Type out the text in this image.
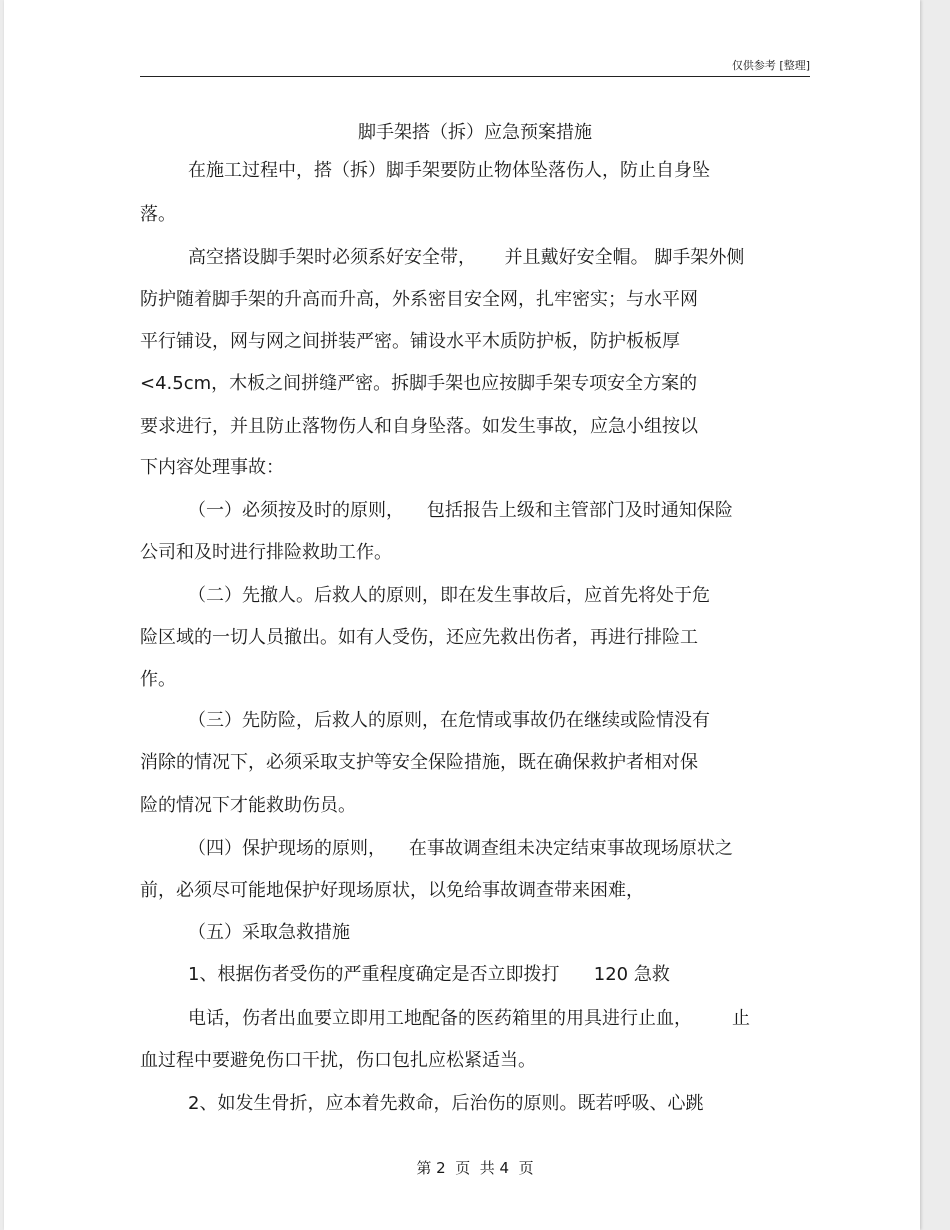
仅供参考 [整理]
脚手架搭（拆）应急预案措施
在施工过程中，搭（拆）脚手架要防止物体坠落伤人，防止自身坠
落。
高空搭设脚手架时必须系好安全带，     并且戴好安全帽。 脚手架外侧
防护随着脚手架的升高而升高，外系密目安全网，扎牢密实；与水平网
平行铺设，网与网之间拼装严密。铺设水平木质防护板，防护板板厚
<4.5cm，木板之间拼缝严密。拆脚手架也应按脚手架专项安全方案的
要求进行，并且防止落物伤人和自身坠落。如发生事故，应急小组按以
下内容处理事故：
（一）必须按及时的原则，    包括报告上级和主管部门及时通知保险
公司和及时进行排险救助工作。
（二）先撤人。后救人的原则，即在发生事故后，应首先将处于危
险区域的一切人员撤出。如有人受伤，还应先救出伤者，再进行排险工
作。
（三）先防险，后救人的原则，在危情或事故仍在继续或险情没有
消除的情况下，必须采取支护等安全保险措施，既在确保救护者相对保
险的情况下才能救助伤员。
（四）保护现场的原则，    在事故调查组未决定结束事故现场原状之
前，必须尽可能地保护好现场原状，以免给事故调查带来困难，
（五）采取急救措施
1、根据伤者受伤的严重程度确定是否立即拨打      120 急救
电话，伤者出血要立即用工地配备的医药箱里的用具进行止血，       止
血过程中要避免伤口干扰，伤口包扎应松紧适当。
2、如发生骨折，应本着先救命，后治伤的原则。既若呼吸、心跳
第 2  页  共 4  页
